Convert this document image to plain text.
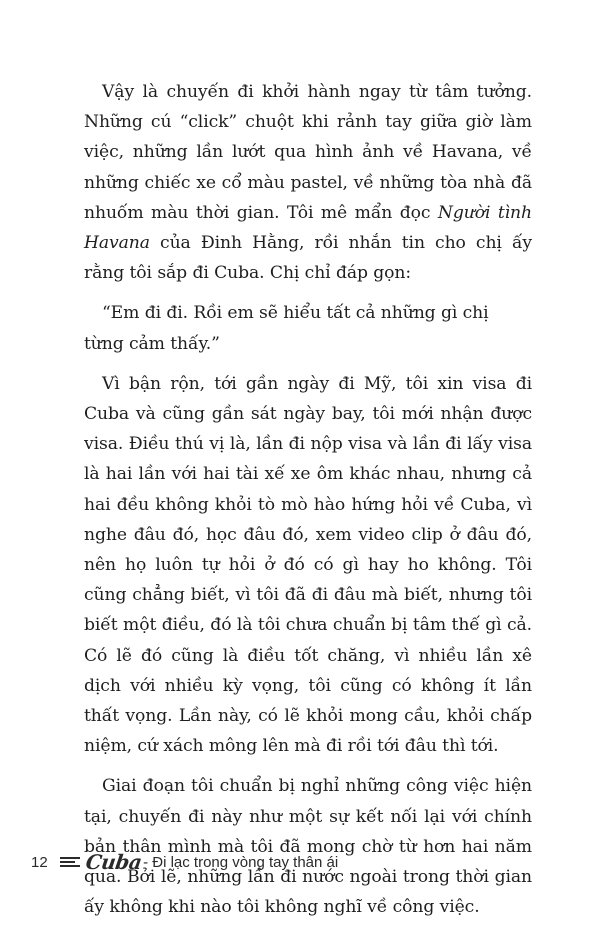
Vậy là chuyến đi khởi hành ngay từ tâm tưởng. Những cú “click” chuột khi rảnh tay giữa giờ làm việc, những lần lướt qua hình ảnh về Havana, về những chiếc xe cổ màu pastel, về những tòa nhà đã nhuốm màu thời gian. Tôi mê mẩn đọc Người tình Havana của Đinh Hằng, rồi nhắn tin cho chị ấy rằng tôi sắp đi Cuba. Chị chỉ đáp gọn:

“Em đi đi. Rồi em sẽ hiểu tất cả những gì chị từng cảm thấy.”

Vì bận rộn, tới gần ngày đi Mỹ, tôi xin visa đi Cuba và cũng gần sát ngày bay, tôi mới nhận được visa. Điều thú vị là, lần đi nộp visa và lần đi lấy visa là hai lần với hai tài xế xe ôm khác nhau, nhưng cả hai đều không khỏi tò mò hào hứng hỏi về Cuba, vì nghe đâu đó, học đâu đó, xem video clip ở đâu đó, nên họ luôn tự hỏi ở đó có gì hay ho không. Tôi cũng chẳng biết, vì tôi đã đi đâu mà biết, nhưng tôi biết một điều, đó là tôi chưa chuẩn bị tâm thế gì cả. Có lẽ đó cũng là điều tốt chăng, vì nhiều lần xê dịch với nhiều kỳ vọng, tôi cũng có không ít lần thất vọng. Lần này, có lẽ khỏi mong cầu, khỏi chấp niệm, cứ xách mông lên mà đi rồi tới đâu thì tới.

Giai đoạn tôi chuẩn bị nghỉ những công việc hiện tại, chuyến đi này như một sự kết nối lại với chính bản thân mình mà tôi đã mong chờ từ hơn hai năm qua. Bởi lẽ, những lần đi nước ngoài trong thời gian ấy không khi nào tôi không nghĩ về công việc.

12 Cuba - Đi lạc trong vòng tay thân ái
